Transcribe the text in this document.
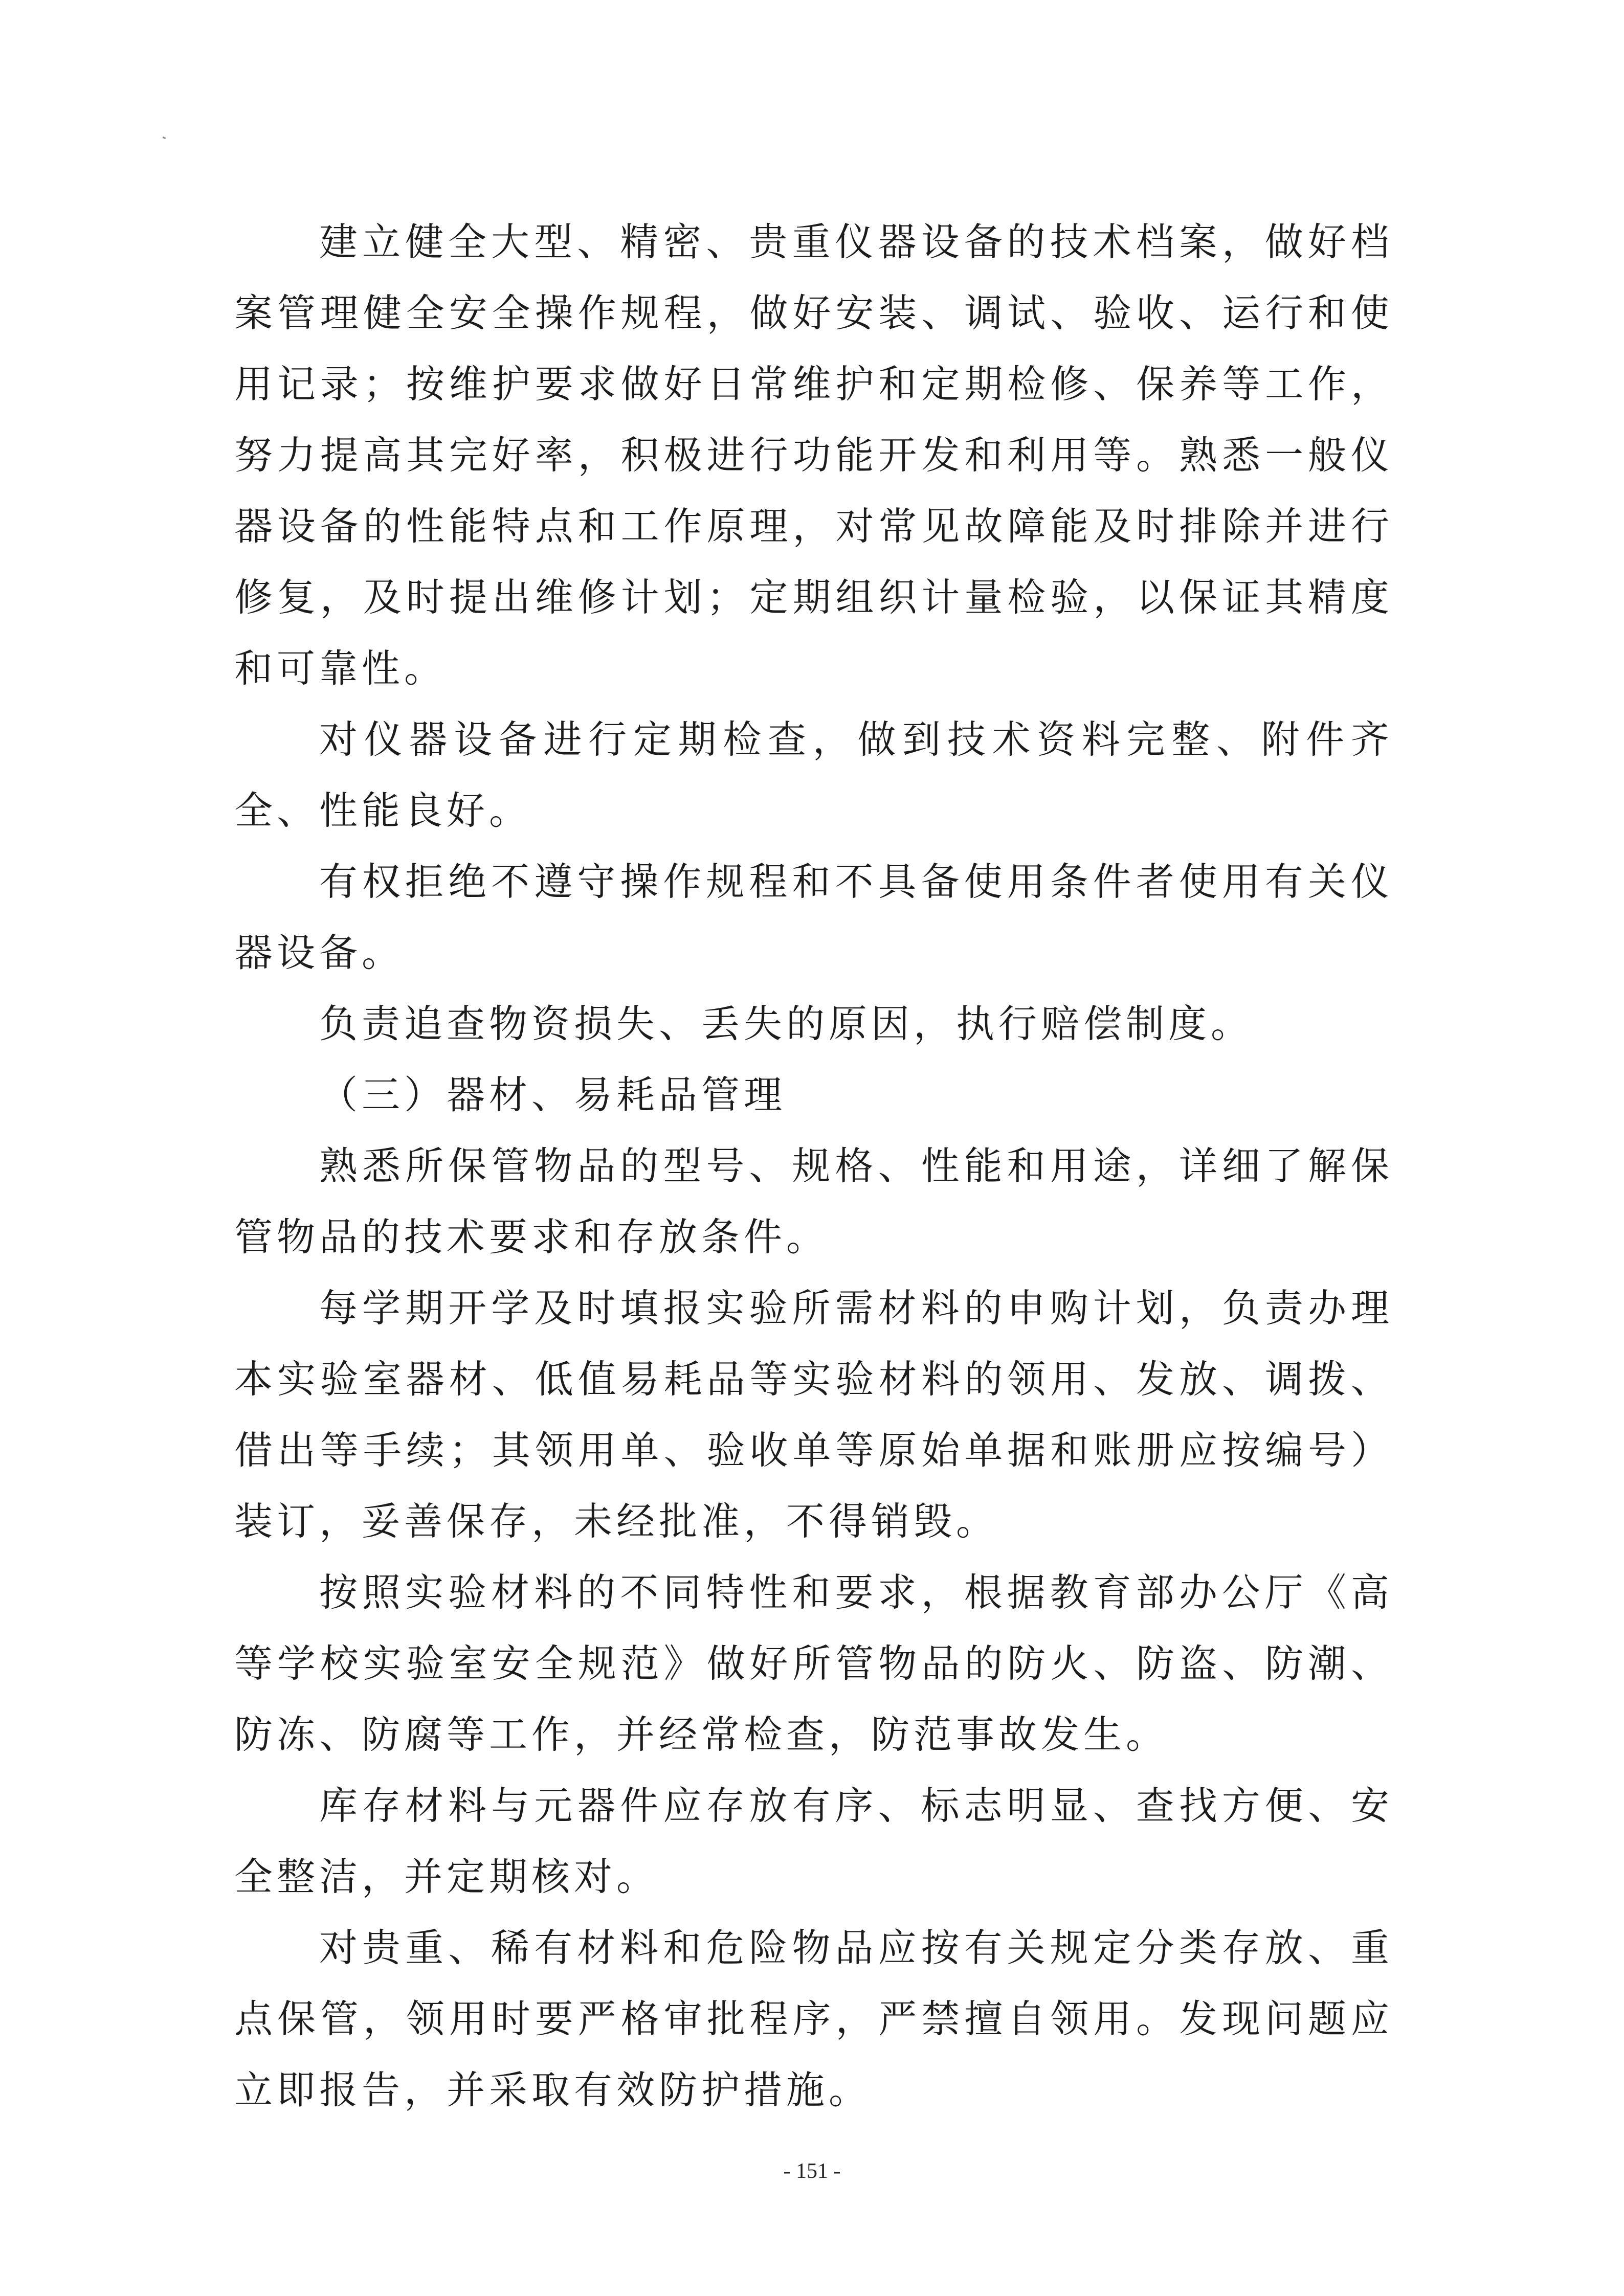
建立健全大型、精密、贵重仪器设备的技术档案，做好档案管理健全安全操作规程，做好安装、调试、验收、运行和使用记录；按维护要求做好日常维护和定期检修、保养等工作，努力提高其完好率，积极进行功能开发和利用等。熟悉一般仪器设备的性能特点和工作原理，对常见故障能及时排除并进行修复，及时提出维修计划；定期组织计量检验，以保证其精度和可靠性。

对仪器设备进行定期检查，做到技术资料完整、附件齐全、性能良好。

有权拒绝不遵守操作规程和不具备使用条件者使用有关仪器设备。

负责追查物资损失、丢失的原因，执行赔偿制度。

（三）器材、易耗品管理

熟悉所保管物品的型号、规格、性能和用途，详细了解保管物品的技术要求和存放条件。

每学期开学及时填报实验所需材料的申购计划，负责办理本实验室器材、低值易耗品等实验材料的领用、发放、调拨、借出等手续；其领用单、验收单等原始单据和账册应按编号）装订，妥善保存，未经批准，不得销毁。

按照实验材料的不同特性和要求，根据教育部办公厅《高等学校实验室安全规范》做好所管物品的防火、防盗、防潮、防冻、防腐等工作，并经常检查，防范事故发生。

库存材料与元器件应存放有序、标志明显、查找方便、安全整洁，并定期核对。

对贵重、稀有材料和危险物品应按有关规定分类存放、重点保管，领用时要严格审批程序，严禁擅自领用。发现问题应立即报告，并采取有效防护措施。

- 151 -
